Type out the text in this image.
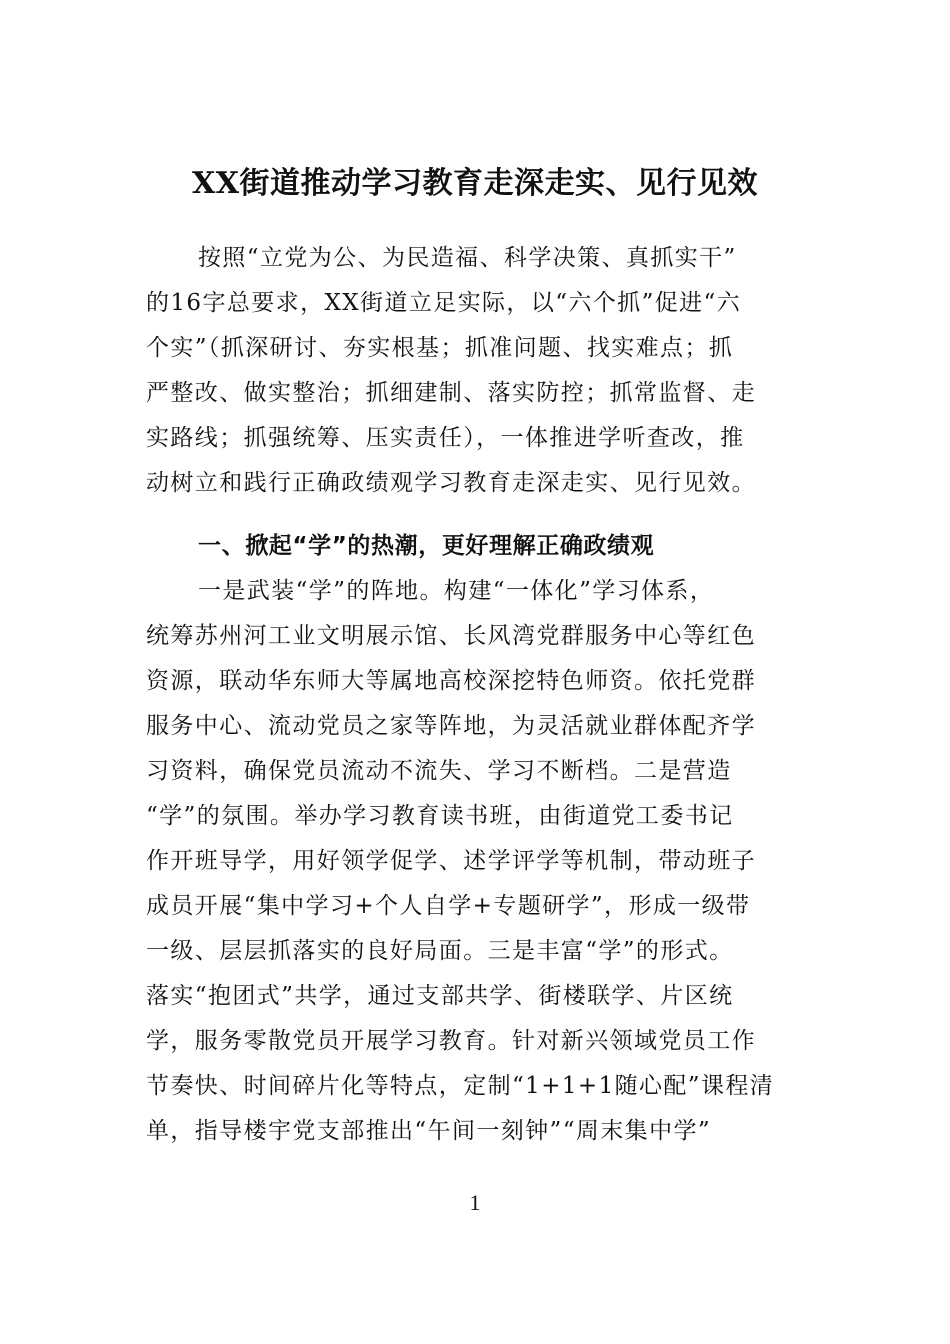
XX街道推动学习教育走深走实、见行见效

按照“立党为公、为民造福、科学决策、真抓实干”

的16字总要求，XX街道立足实际，以“六个抓”促进“六

个实”（抓深研讨、夯实根基；抓准问题、找实难点；抓

严整改、做实整治；抓细建制、落实防控；抓常监督、走

实路线；抓强统筹、压实责任），一体推进学听查改，推

动树立和践行正确政绩观学习教育走深走实、见行见效。

一、掀起“学”的热潮，更好理解正确政绩观

一是武装“学”的阵地。构建“一体化”学习体系，

统筹苏州河工业文明展示馆、长风湾党群服务中心等红色

资源，联动华东师大等属地高校深挖特色师资。依托党群

服务中心、流动党员之家等阵地，为灵活就业群体配齐学

习资料，确保党员流动不流失、学习不断档。二是营造

“学”的氛围。举办学习教育读书班，由街道党工委书记

作开班导学，用好领学促学、述学评学等机制，带动班子

成员开展“集中学习+个人自学+专题研学”，形成一级带

一级、层层抓落实的良好局面。三是丰富“学”的形式。

落实“抱团式”共学，通过支部共学、街楼联学、片区统

学，服务零散党员开展学习教育。针对新兴领域党员工作

节奏快、时间碎片化等特点，定制“1+1+1随心配”课程清

单，指导楼宇党支部推出“午间一刻钟”“周末集中学”

1
